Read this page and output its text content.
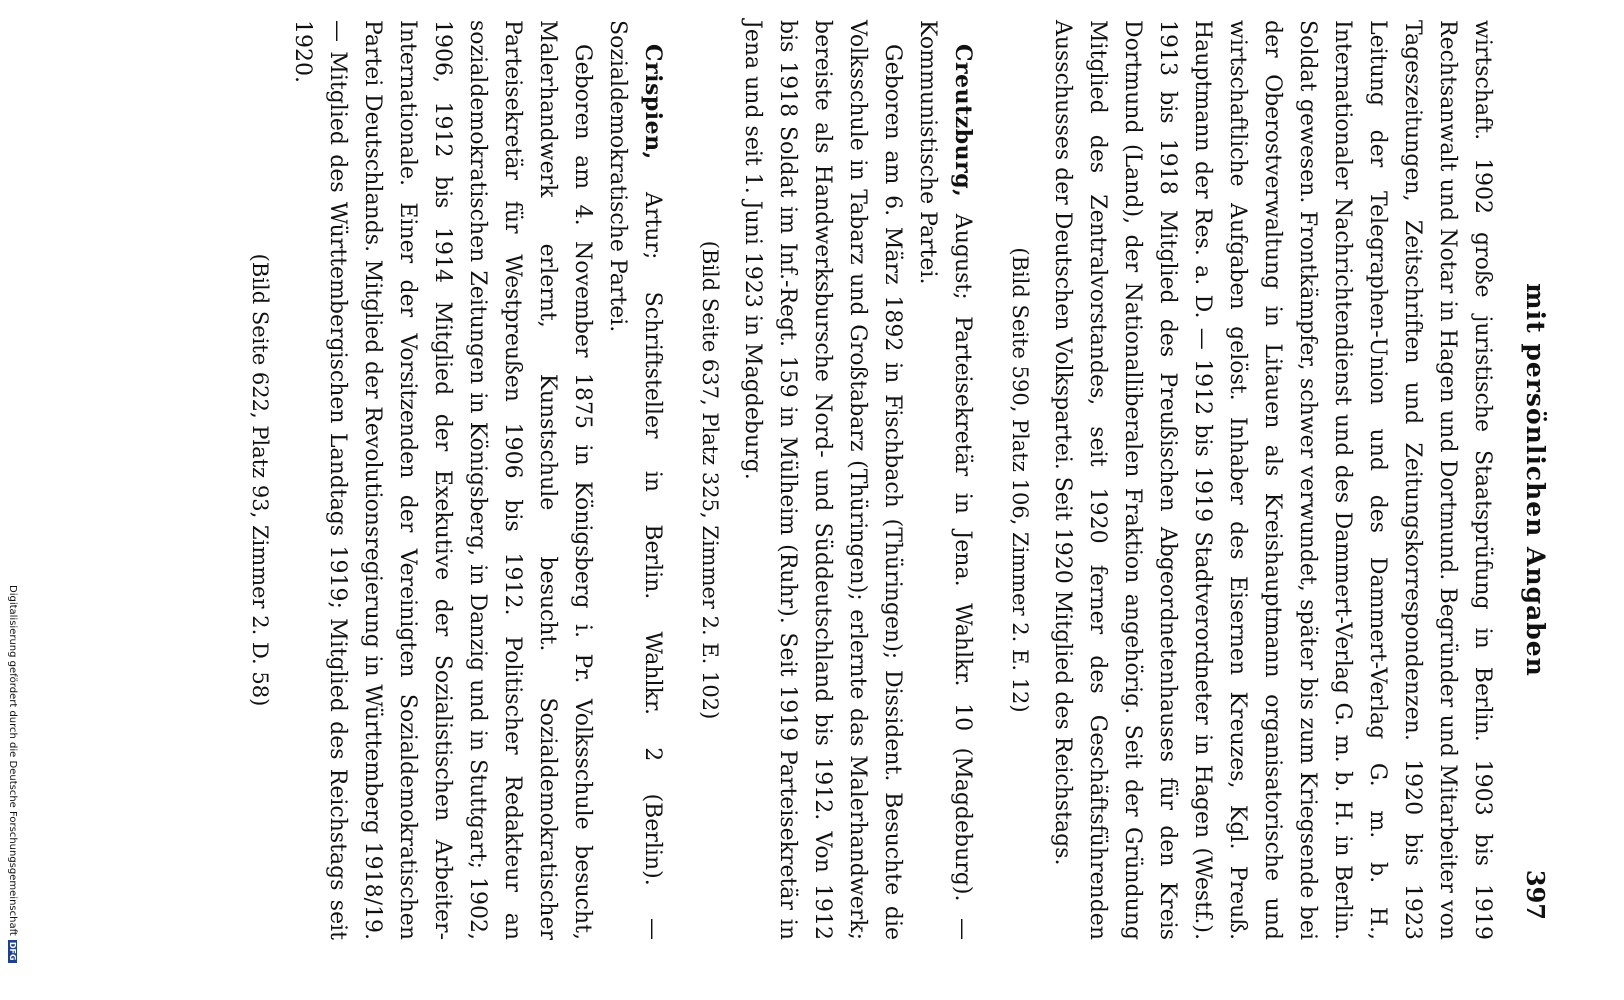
Digitalisierung gefördert durch die Deutsche Forschungsgemeinschaft
DFG
mit persönlichen Angaben
397

wirtschaft. 1902 große juristische Staatsprüfung in Berlin. 1903 bis 1919 Rechtsanwalt und Notar in Hagen und Dortmund. Begründer und Mitarbeiter von Tageszeitungen, Zeitschriften und Zeitungskorrespondenzen. 1920 bis 1923 Leitung der Telegraphen-Union und des Dammert-Verlag G. m. b. H., Internationaler Nachrichtendienst und des Dammert-Verlag G. m. b. H. in Berlin. Soldat gewesen. Frontkämpfer, schwer verwundet, später bis zum Kriegsende bei der Oberostverwaltung in Litauen als Kreishauptmann organisatorische und wirtschaftliche Aufgaben gelöst. Inhaber des Eisernen Kreuzes, Kgl. Preuß. Hauptmann der Res. a. D. — 1912 bis 1919 Stadtverordneter in Hagen (Westf.). 1913 bis 1918 Mitglied des Preußischen Abgeordnetenhauses für den Kreis Dortmund (Land), der Nationalliberalen Fraktion angehörig. Seit der Gründung Mitglied des Zentralvorstandes, seit 1920 ferner des Geschäftsführenden Ausschusses der Deutschen Volkspartei. Seit 1920 Mitglied des Reichstags.

(Bild Seite 590, Platz 106, Zimmer 2. E. 12)

Creutzburg, August; Parteisekretär in Jena. Wahlkr. 10 (Magdeburg). — Kommunistische Partei.

Geboren am 6. März 1892 in Fischbach (Thüringen); Dissident. Besuchte die Volksschule in Tabarz und Großtabarz (Thüringen); erlernte das Malerhandwerk; bereiste als Handwerksbursche Nord- und Süddeutschland bis 1912. Von 1912 bis 1918 Soldat im Inf.-Regt. 159 in Mülheim (Ruhr). Seit 1919 Parteisekretär in Jena und seit 1. Juni 1923 in Magdeburg.

(Bild Seite 637, Platz 325, Zimmer 2. E. 102)

Crispien, Artur; Schriftsteller in Berlin. Wahlkr. 2 (Berlin). — Sozialdemokratische Partei.

Geboren am 4. November 1875 in Königsberg i. Pr. Volksschule besucht, Malerhandwerk erlernt, Kunstschule besucht. Sozialdemokratischer Parteisekretär für Westpreußen 1906 bis 1912. Politischer Redakteur an sozialdemokratischen Zeitungen in Königsberg, in Danzig und in Stuttgart; 1902, 1906, 1912 bis 1914 Mitglied der Exekutive der Sozialistischen Arbeiter-Internationale. Einer der Vorsitzenden der Vereinigten Sozialdemokratischen Partei Deutschlands. Mitglied der Revolutionsregierung in Württemberg 1918/19. — Mitglied des Württembergischen Landtags 1919; Mitglied des Reichstags seit 1920.

(Bild Seite 622, Platz 93, Zimmer 2. D. 58)
